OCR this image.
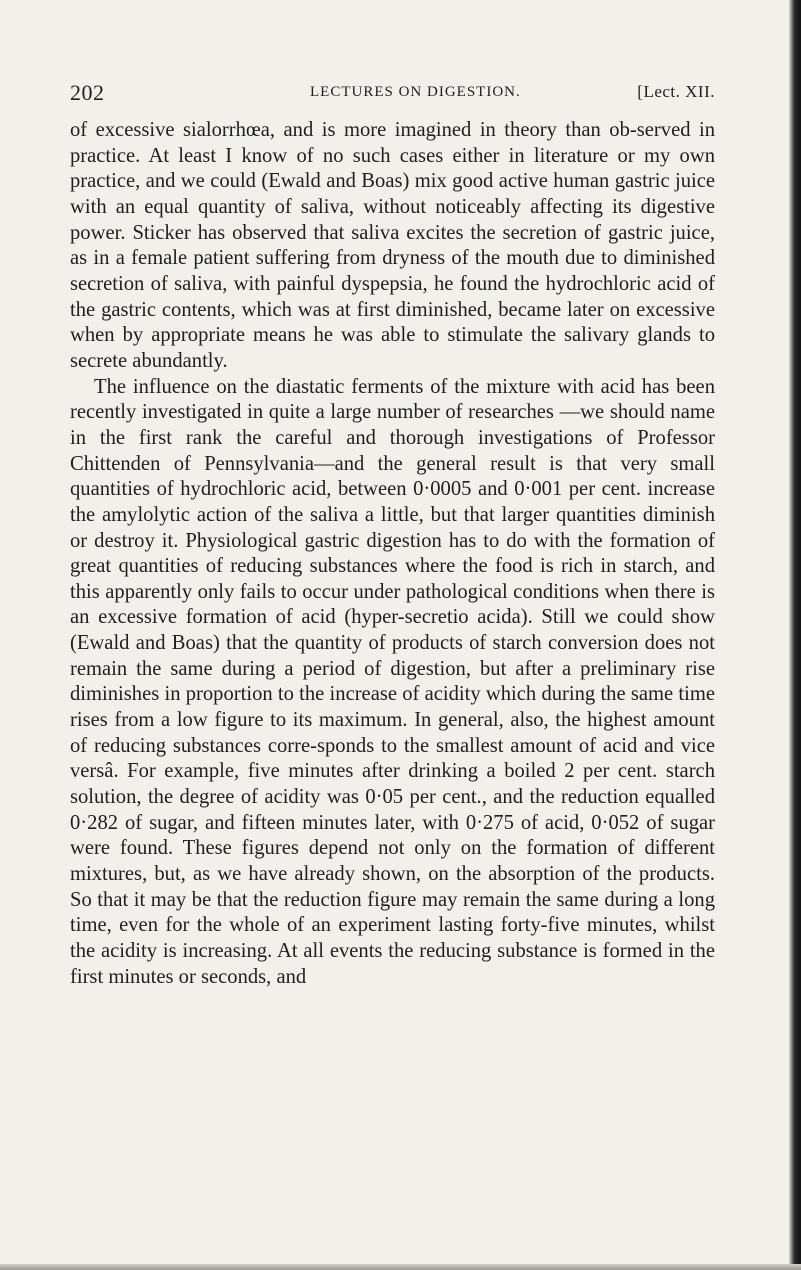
202	LECTURES ON DIGESTION.	[Lect. XII.

of excessive sialorrhœa, and is more imagined in theory than ob-served in practice. At least I know of no such cases either in literature or my own practice, and we could (Ewald and Boas) mix good active human gastric juice with an equal quantity of saliva, without noticeably affecting its digestive power. Sticker has observed that saliva excites the secretion of gastric juice, as in a female patient suffering from dryness of the mouth due to diminished secretion of saliva, with painful dyspepsia, he found the hydrochloric acid of the gastric contents, which was at first diminished, became later on excessive when by appropriate means he was able to stimulate the salivary glands to secrete abundantly.

The influence on the diastatic ferments of the mixture with acid has been recently investigated in quite a large number of researches —we should name in the first rank the careful and thorough investigations of Professor Chittenden of Pennsylvania—and the general result is that very small quantities of hydrochloric acid, between 0·0005 and 0·001 per cent. increase the amylolytic action of the saliva a little, but that larger quantities diminish or destroy it. Physiological gastric digestion has to do with the formation of great quantities of reducing substances where the food is rich in starch, and this apparently only fails to occur under pathological conditions when there is an excessive formation of acid (hyper-secretio acida). Still we could show (Ewald and Boas) that the quantity of products of starch conversion does not remain the same during a period of digestion, but after a preliminary rise diminishes in proportion to the increase of acidity which during the same time rises from a low figure to its maximum. In general, also, the highest amount of reducing substances corre-sponds to the smallest amount of acid and vice versâ. For example, five minutes after drinking a boiled 2 per cent. starch solution, the degree of acidity was 0·05 per cent., and the reduction equalled 0·282 of sugar, and fifteen minutes later, with 0·275 of acid, 0·052 of sugar were found. These figures depend not only on the formation of different mixtures, but, as we have already shown, on the absorption of the products. So that it may be that the reduction figure may remain the same during a long time, even for the whole of an experiment lasting forty-five minutes, whilst the acidity is increasing. At all events the reducing substance is formed in the first minutes or seconds, and
